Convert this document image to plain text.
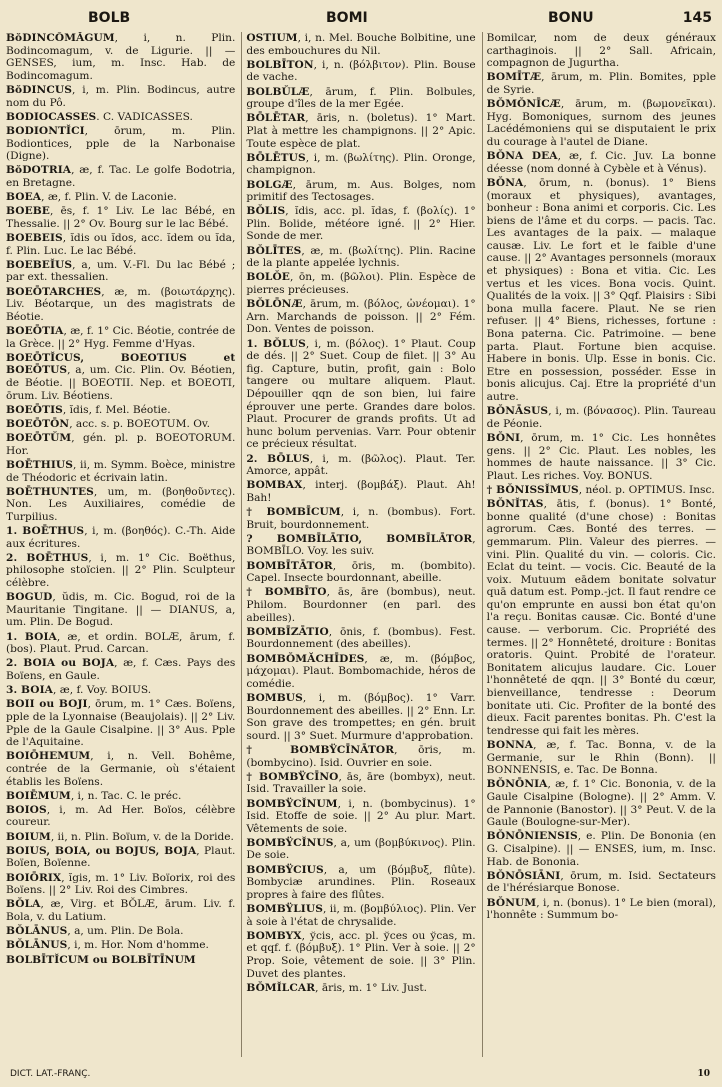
BOLB	BOMI	BONU	145
BŏDINCŌMĂGUM, i, n. Plin. Bodincomagum, v. de Ligurie. || — GENSES, ium, m. Insc. Hab. de Bodincomagum.
BŏDINCUS, i, m. Plin. Bodincus, autre nom du Pô.
BODIOCASSES. C. VADICASSES.
BODIONTĬCI, ōrum, m. Plin. Bodiontices, pple de la Narbonaise (Digne).
BŏDOTRIA, æ, f. Tac. Le golfe Bodotria, en Bretagne.
BOEA, æ, f. Plin. V. de Laconie.
BOEBE, ēs, f. 1° Liv. Le lac Bébé, en Thessalie. || 2° Ov. Bourg sur le lac Bébé.
BOEBEIS, ĭdis ou ĭdos, acc. ĭdem ou ĭda, f. Plin. Luc. Le lac Bébé.
BOEBEĬUS, a, um. V.-Fl. Du lac Bébé ; par ext. thessalien.
BOEŌTARCHES, æ, m. (βοιωτάρχης). Liv. Béotarque, un des magistrats de Béotie.
BOEŌTIA, æ, f. 1° Cic. Béotie, contrée de la Grèce. || 2° Hyg. Femme d'Hyas.
BOEŌTĬCUS, BOEOTIUS et BOEŌTUS, a, um. Cic. Plin. Ov. Béotien, de Béotie. || BOEOTII. Nep. et BOEOTI, ōrum. Liv. Béotiens.
BOEŌTIS, ĭdis, f. Mel. Béotie.
BOEŌTŌN, acc. s. p. BOEOTUM. Ov.
BOEŌTŬM, gén. pl. p. BOEOTORUM. Hor.
BOĒTHIUS, ii, m. Symm. Boèce, ministre de Théodoric et écrivain latin.
BOĒTHUNTES, um, m. (βοηθοῦντες). Non. Les Auxiliaires, comédie de Turpilius.
1. BOĒTHUS, i, m. (βοηθός). C.-Th. Aide aux écritures.
2. BOĒTHUS, i, m. 1° Cic. Boëthus, philosophe stoïcien. || 2° Plin. Sculpteur célèbre.
BOGUD, ŭdis, m. Cic. Bogud, roi de la Mauritanie Tingitane. || — DIANUS, a, um. Plin. De Bogud.
1. BOIA, æ, et ordin. BOLÆ, ārum, f. (bos). Plaut. Prud. Carcan.
2. BOIA ou BOJA, æ, f. Cæs. Pays des Boïens, en Gaule.
3. BOIA, æ, f. Voy. BOIUS.
BOII ou BOJI, ōrum, m. 1° Cæs. Boïens, pple de la Lyonnaise (Beaujolais). || 2° Liv. Pple de la Gaule Cisalpine. || 3° Aus. Pple de l'Aquitaine.
BOIŌHEMUM, i, n. Vell. Bohême, contrée de la Germanie, où s'étaient établis les Boïens.
BOIĒMUM, i, n. Tac. C. le préc.
BOIOS, i, m. Ad Her. Boïos, célèbre coureur.
BOIUM, ii, n. Plin. Boïum, v. de la Doride.
BOIUS, BOIA, ou BOJUS, BOJA, Plaut. Boïen, Boïenne.
BOIŌRIX, ĭgis, m. 1° Liv. Boïorix, roi des Boïens. || 2° Liv. Roi des Cimbres.
BŎLA, æ, Virg. et BŎLÆ, ārum. Liv. f. Bola, v. du Latium.
BŎLĀNUS, a, um. Plin. De Bola.
BŎLĀNUS, i, m. Hor. Nom d'homme.
BOLBĪTĬCUM ou BOLBĪTĪNUM
OSTIUM, i, n. Mel. Bouche Bolbitine, une des embouchures du Nil.
BOLBĪTON, i, n. (βόλβιτον). Plin. Bouse de vache.
BOLBŬLÆ, ārum, f. Plin. Bolbules, groupe d'îles de la mer Egée.
BŌLĒTAR, āris, n. (boletus). 1° Mart. Plat à mettre les champignons. || 2° Apic. Toute espèce de plat.
BŌLĒTUS, i, m. (βωλίτης). Plin. Oronge, champignon.
BOLGÆ, ārum, m. Aus. Bolges, nom primitif des Tectosages.
BŎLIS, ĭdis, acc. pl. ĭdas, f. (βολίς). 1° Plin. Bolide, météore igné. || 2° Hier. Sonde de mer.
BŎLĪTES, æ, m. (βωλίτης). Plin. Racine de la plante appelée lychnis.
BOLŎE, ōn, m. (βῶλοι). Plin. Espèce de pierres précieuses.
BŎLŌNÆ, ārum, m. (βόλος, ὠνέομαι). 1° Arn. Marchands de poisson. || 2° Fém. Don. Ventes de poisson.
1. BŎLUS, i, m. (βόλος). 1° Plaut. Coup de dés. || 2° Suet. Coup de filet. || 3° Au fig. Capture, butin, profit, gain : Bolo tangere ou multare aliquem. Plaut. Dépouiller qqn de son bien, lui faire éprouver une perte. Grandes dare bolos. Plaut. Procurer de grands profits. Ut ad hunc bolum pervenias. Varr. Pour obtenir ce précieux résultat.
2. BŌLUS, i, m. (βῶλος). Plaut. Ter. Amorce, appât.
BOMBAX, interj. (βομβάξ). Plaut. Ah! Bah!
† BOMBĪCUM, i, n. (bombus). Fort. Bruit, bourdonnement.
? BOMBĪLĀTIO, BOMBĪLĀTOR, BOMBĪLO. Voy. les suiv.
BOMBĪTĀTOR, ōris, m. (bombito). Capel. Insecte bourdonnant, abeille.
† BOMBĪTO, ās, āre (bombus), neut. Philom. Bourdonner (en parl. des abeilles).
BOMBĪZĀTIO, ōnis, f. (bombus). Fest. Bourdonnement (des abeilles).
BOMBŎMĂCHĪDES, æ, m. (βόμβος, μάχομαι). Plaut. Bombomachide, héros de comédie.
BOMBUS, i, m. (βόμβος). 1° Varr. Bourdonnement des abeilles. || 2° Enn. Lr. Son grave des trompettes; en gén. bruit sourd. || 3° Suet. Murmure d'approbation.
† BOMBŸCĪNĀTOR, ōris, m. (bombycino). Isid. Ouvrier en soie.
† BOMBŸCĪNO, ās, āre (bombyx), neut. Isid. Travailler la soie.
BOMBŸCĬNUM, i, n. (bombycinus). 1° Isid. Etoffe de soie. || 2° Au plur. Mart. Vêtements de soie.
BOMBŸCĬNUS, a, um (βομβύκινος). Plin. De soie.
BOMBŸCIUS, a, um (βόμβυξ, flûte). Bombyciæ arundines. Plin. Roseaux propres à faire des flûtes.
BOMBŸLIUS, ii, m. (βομβύλιος). Plin. Ver à soie à l'état de chrysalide.
BOMBYX, ўcis, acc. pl. ўces ou ўcas, m. et qqf. f. (βόμβυξ). 1° Plin. Ver à soie. || 2° Prop. Soie, vêtement de soie. || 3° Plin. Duvet des plantes.
BŎMĬLCAR, āris, m. 1° Liv. Just.
Bomilcar, nom de deux généraux carthaginois. || 2° Sall. Africain, compagnon de Jugurtha.
BOMĪTÆ, ārum, m. Plin. Bomites, pple de Syrie.
BŎMŎNĪCÆ, ārum, m. (βωμονεῖκαι). Hyg. Bomoniques, surnom des jeunes Lacédémoniens qui se disputaient le prix du courage à l'autel de Diane.
BŎNA DEA, æ, f. Cic. Juv. La bonne déesse (nom donné à Cybèle et à Vénus).
BŎNA, ōrum, n. (bonus). 1° Biens (moraux et physiques), avantages, bonheur : Bona animi et corporis. Cic. Les biens de l'âme et du corps. — pacis. Tac. Les avantages de la paix. — malaque causæ. Liv. Le fort et le faible d'une cause. || 2° Avantages personnels (moraux et physiques) : Bona et vitia. Cic. Les vertus et les vices. Bona vocis. Quint. Qualités de la voix. || 3° Qqf. Plaisirs : Sibi bona mulla facere. Plaut. Ne se rien refuser. || 4° Biens, richesses, fortune : Bona paterna. Cic. Patrimoine. — bene parta. Plaut. Fortune bien acquise. Habere in bonis. Ulp. Esse in bonis. Cic. Etre en possession, posséder. Esse in bonis alicujus. Caj. Etre la propriété d'un autre.
BŎNĀSUS, i, m. (βόνασος). Plin. Taureau de Péonie.
BŎNI, ōrum, m. 1° Cic. Les honnêtes gens. || 2° Cic. Plaut. Les nobles, les hommes de haute naissance. || 3° Cic. Plaut. Les riches. Voy. BONUS.
† BŎNISSĬMUS, néol. p. OPTIMUS. Insc.
BŎNĬTAS, ātis, f. (bonus). 1° Bonté, bonne qualité (d'une chose) : Bonitas agrorum. Cæs. Bonté des terres. — gemmarum. Plin. Valeur des pierres. — vini. Plin. Qualité du vin. — coloris. Cic. Eclat du teint. — vocis. Cic. Beauté de la voix. Mutuum eādem bonitate solvatur quā datum est. Pomp.-jct. Il faut rendre ce qu'on emprunte en aussi bon état qu'on l'a reçu. Bonitas causæ. Cic. Bonté d'une cause. — verborum. Cic. Propriété des termes. || 2° Honnêteté, droiture : Bonitas oratoris. Quint. Probité de l'orateur. Bonitatem alicujus laudare. Cic. Louer l'honnêteté de qqn. || 3° Bonté du cœur, bienveillance, tendresse : Deorum bonitate uti. Cic. Profiter de la bonté des dieux. Facit parentes bonitas. Ph. C'est la tendresse qui fait les mères.
BONNA, æ, f. Tac. Bonna, v. de la Germanie, sur le Rhin (Bonn). || BONNENSIS, e. Tac. De Bonna.
BŎNŌNIA, æ, f. 1° Cic. Bononia, v. de la Gaule Cisalpine (Bologne). || 2° Amm. V. de Pannonie (Banostor). || 3° Peut. V. de la Gaule (Boulogne-sur-Mer).
BŎNŌNIENSIS, e. Plin. De Bononia (en G. Cisalpine). || — ENSES, ium, m. Insc. Hab. de Bononia.
BŎNŌSIĀNI, ōrum, m. Isid. Sectateurs de l'hérésiarque Bonose.
BŎNUM, i, n. (bonus). 1° Le bien (moral), l'honnête : Summum bo-
DICT. LAT.-FRANÇ.	10
